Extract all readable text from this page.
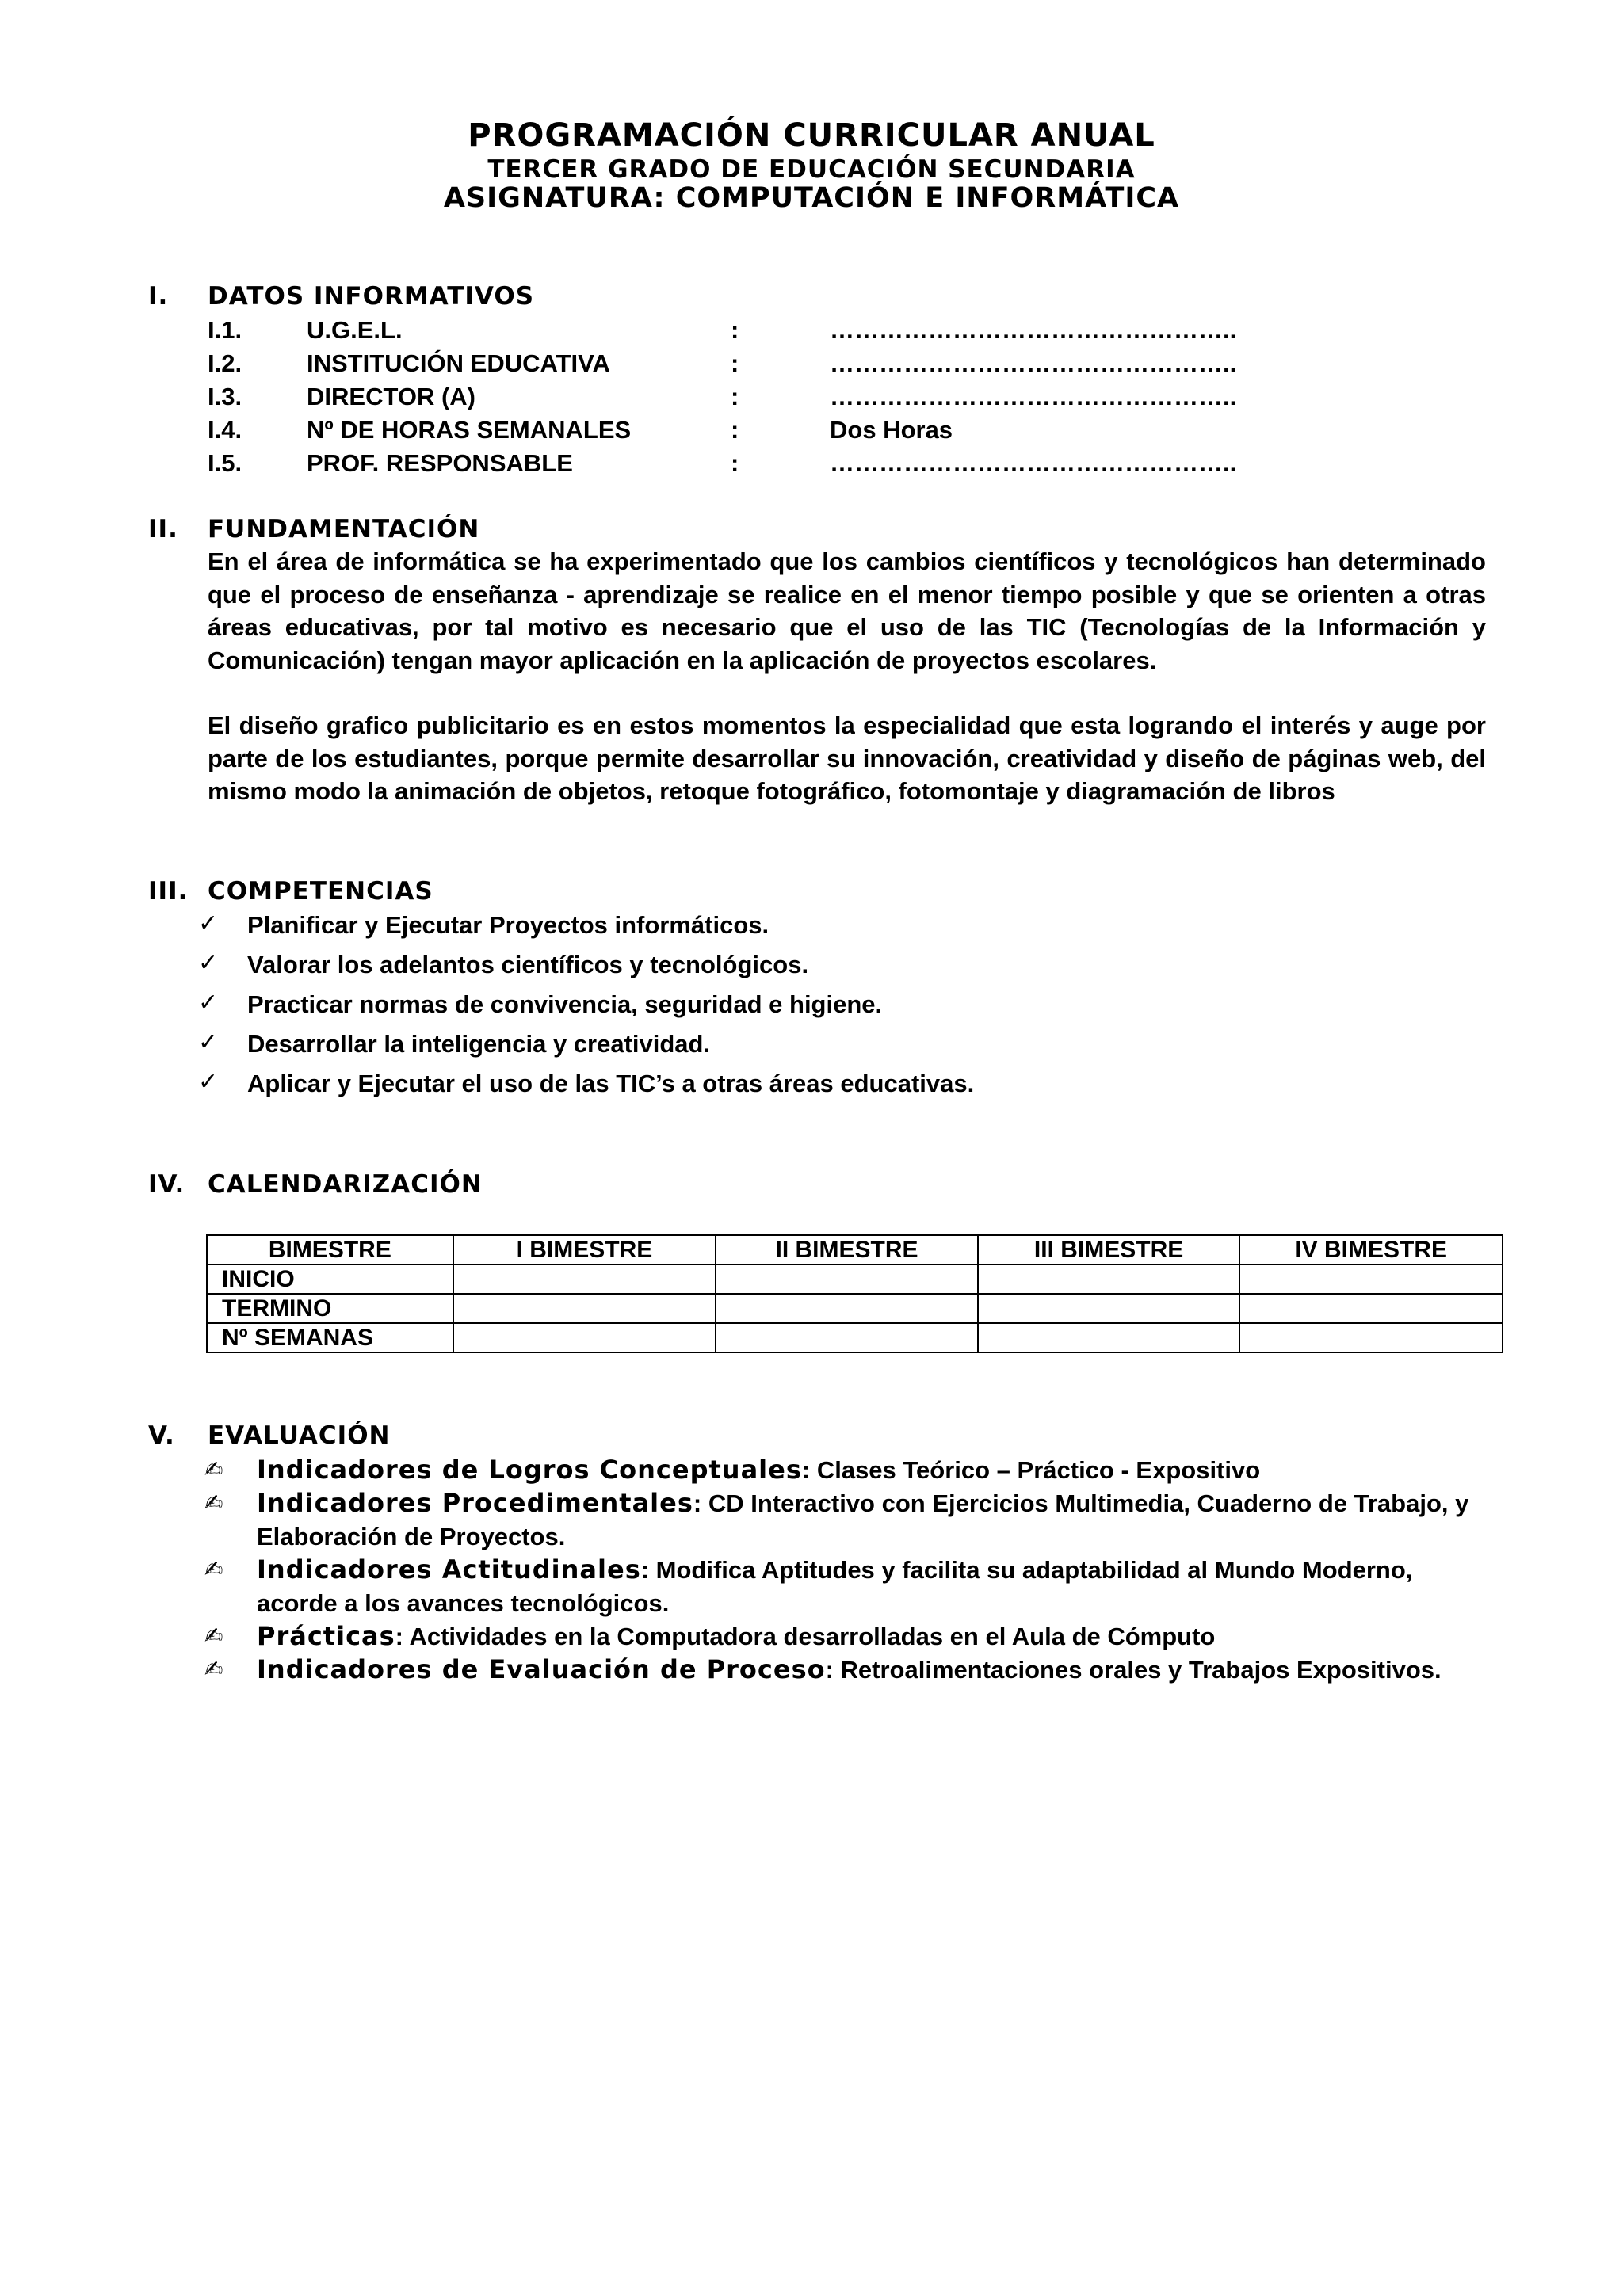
PROGRAMACIÓN CURRICULAR ANUAL
TERCER GRADO DE EDUCACIÓN SECUNDARIA
ASIGNATURA: COMPUTACIÓN E INFORMÁTICA
I. DATOS INFORMATIVOS
I.1.	U.G.E.L.	:	…………………………………………..
I.2.	INSTITUCIÓN EDUCATIVA	:	…………………………………………..
I.3.	DIRECTOR (A)	:	…………………………………………..
I.4.	Nº DE HORAS SEMANALES	:	Dos Horas
I.5.	PROF. RESPONSABLE	:	…………………………………………..
II. FUNDAMENTACIÓN
En el área de informática se ha experimentado que los cambios científicos y tecnológicos han determinado que el proceso de enseñanza - aprendizaje se realice en el menor tiempo posible y que se orienten a otras áreas educativas, por tal motivo es necesario que el uso de las TIC (Tecnologías de la Información y Comunicación) tengan mayor aplicación en la aplicación de proyectos escolares.
El diseño grafico publicitario es en estos momentos la especialidad que esta logrando el interés y auge por parte de los estudiantes, porque permite desarrollar su innovación, creatividad y diseño de páginas web, del mismo modo la animación de objetos, retoque fotográfico, fotomontaje y diagramación de libros
III. COMPETENCIAS
✓ Planificar y Ejecutar Proyectos informáticos.
✓ Valorar los adelantos científicos y tecnológicos.
✓ Practicar normas de convivencia, seguridad e higiene.
✓ Desarrollar la inteligencia y creatividad.
✓ Aplicar y Ejecutar el uso de las TIC’s a otras áreas educativas.
IV. CALENDARIZACIÓN
BIMESTRE	I BIMESTRE	II BIMESTRE	III BIMESTRE	IV BIMESTRE
INICIO				
TERMINO				
Nº SEMANAS				
V. EVALUACIÓN
✍ Indicadores de Logros Conceptuales: Clases Teórico – Práctico - Expositivo
✍ Indicadores Procedimentales: CD Interactivo con Ejercicios Multimedia, Cuaderno de Trabajo, y Elaboración de Proyectos.
✍ Indicadores Actitudinales: Modifica Aptitudes y facilita su adaptabilidad al Mundo Moderno, acorde a los avances tecnológicos.
✍ Prácticas: Actividades en la Computadora desarrolladas en el Aula de Cómputo
✍ Indicadores de Evaluación de Proceso: Retroalimentaciones orales y Trabajos Expositivos.
